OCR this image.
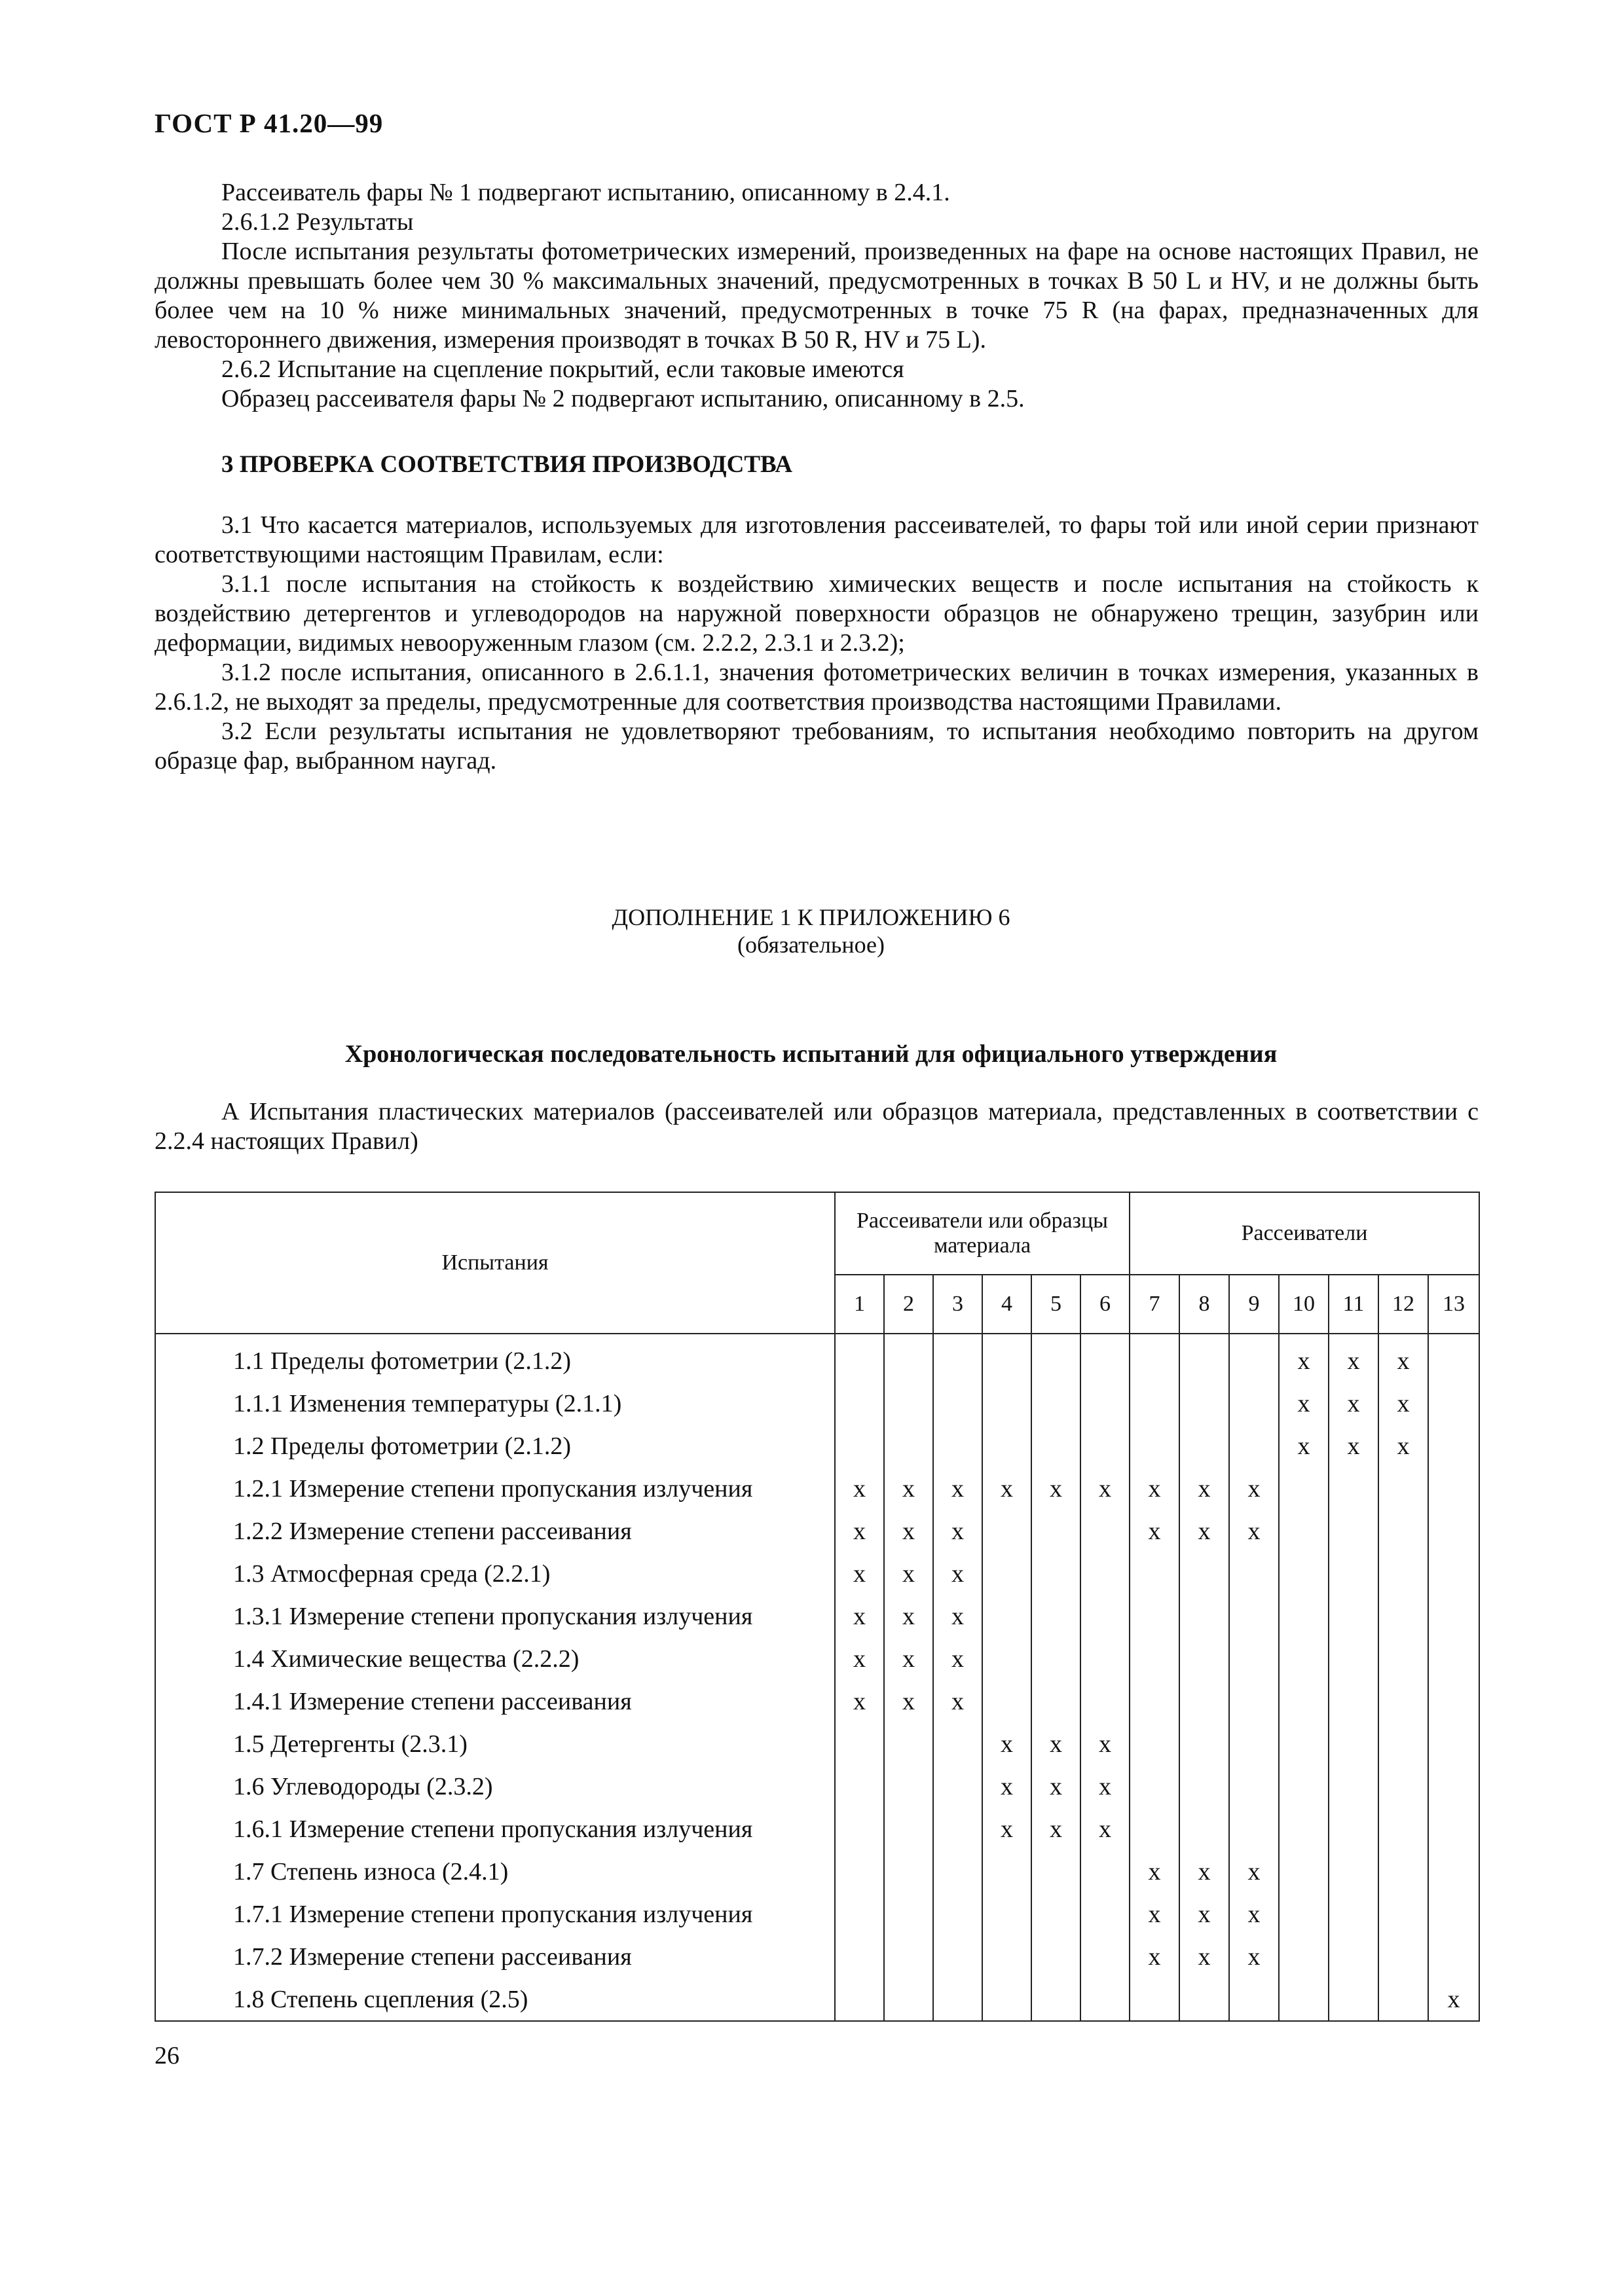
ГОСТ Р 41.20—99

Рассеиватель фары № 1 подвергают испытанию, описанному в 2.4.1.

2.6.1.2 Результаты

После испытания результаты фотометрических измерений, произведенных на фаре на основе настоящих Правил, не должны превышать более чем 30 % максимальных значений, предусмотренных в точках B 50 L и HV, и не должны быть более чем на 10 % ниже минимальных значений, предусмотренных в точке 75 R (на фарах, предназначенных для левостороннего движения, измерения производят в точках B 50 R, HV и 75 L).

2.6.2 Испытание на сцепление покрытий, если таковые имеются

Образец рассеивателя фары № 2 подвергают испытанию, описанному в 2.5.

3 ПРОВЕРКА СООТВЕТСТВИЯ ПРОИЗВОДСТВА

3.1 Что касается материалов, используемых для изготовления рассеивателей, то фары той или иной серии признают соответствующими настоящим Правилам, если:

3.1.1 после испытания на стойкость к воздействию химических веществ и после испытания на стойкость к воздействию детергентов и углеводородов на наружной поверхности образцов не обнаружено трещин, зазубрин или деформации, видимых невооруженным глазом (см. 2.2.2, 2.3.1 и 2.3.2);

3.1.2 после испытания, описанного в 2.6.1.1, значения фотометрических величин в точках измерения, указанных в 2.6.1.2, не выходят за пределы, предусмотренные для соответствия производства настоящими Правилами.

3.2 Если результаты испытания не удовлетворяют требованиям, то испытания необходимо повторить на другом образце фар, выбранном наугад.

ДОПОЛНЕНИЕ 1 К ПРИЛОЖЕНИЮ 6
(обязательное)
Хронологическая последовательность испытаний для официального утверждения

А Испытания пластических материалов (рассеивателей или образцов материала, представленных в соответствии с 2.2.4 настоящих Правил)

Испытания	Рассеиватели или образцы материала						Рассеиватели						
	1	2	3	4	5	6	7	8	9	10	11	12	13
1.1 Пределы фотометрии (2.1.2)										x	x	x	
1.1.1 Изменения температуры (2.1.1)										x	x	x	
1.2 Пределы фотометрии (2.1.2)										x	x	x	
1.2.1 Измерение степени пропускания излучения	x	x	x	x	x	x	x	x	x				
1.2.2 Измерение степени рассеивания	x	x	x				x	x	x				
1.3 Атмосферная среда (2.2.1)	x	x	x										
1.3.1 Измерение степени пропускания излучения	x	x	x										
1.4 Химические вещества (2.2.2)	x	x	x										
1.4.1 Измерение степени рассеивания	x	x	x										
1.5 Детергенты (2.3.1)				x	x	x							
1.6 Углеводороды (2.3.2)				x	x	x							
1.6.1 Измерение степени пропускания излучения				x	x	x							
1.7 Степень износа (2.4.1)							x	x	x				
1.7.1 Измерение степени пропускания излучения							x	x	x				
1.7.2 Измерение степени рассеивания							x	x	x				
1.8 Степень сцепления (2.5)													x
26
